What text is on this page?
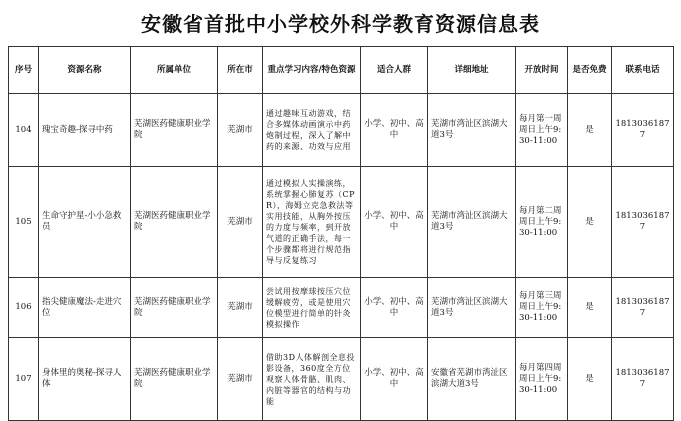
安徽省首批中小学校外科学教育资源信息表
序号	资源名称	所属单位	所在市	重点学习内容/特色资源	适合人群	详细地址	开放时间	是否免费	联系电话
104	瑰宝奇趣-探寻中药	芜湖医药健康职业学院	芜湖市	通过趣味互动游戏，结合多媒体动画演示中药炮制过程，深入了解中药的来源、功效与应用	小学、初中、高中	芜湖市湾沚区滨湖大道3号	每月第一周周日上午9:30-11:00	是	18130361877
105	生命守护星-小小急救员	芜湖医药健康职业学院	芜湖市	通过模拟人实操演练，系统掌握心肺复苏（CPR），海姆立克急救法等实用技能，从胸外按压的力度与频率，到开放气道的正确手法，每一个步骤都将进行规范指导与反复练习	小学、初中、高中	芜湖市湾沚区滨湖大道3号	每月第二周周日上午9:30-11:00	是	18130361877
106	指尖健康魔法-走进穴位	芜湖医药健康职业学院	芜湖市	尝试用按摩球按压穴位缓解疲劳，或是使用穴位模型进行简单的针灸模拟操作	小学、初中、高中	芜湖市湾沚区滨湖大道3号	每月第三周周日上午9:30-11:00	是	18130361877
107	身体里的奥秘-探寻人体	芜湖医药健康职业学院	芜湖市	借助3D人体解剖全息投影设备，360度全方位观察人体骨骼、肌肉、内脏等器官的结构与功能	小学、初中、高中	安徽省芜湖市湾沚区滨湖大道3号	每月第四周周日上午9:30-11:00	是	18130361877
